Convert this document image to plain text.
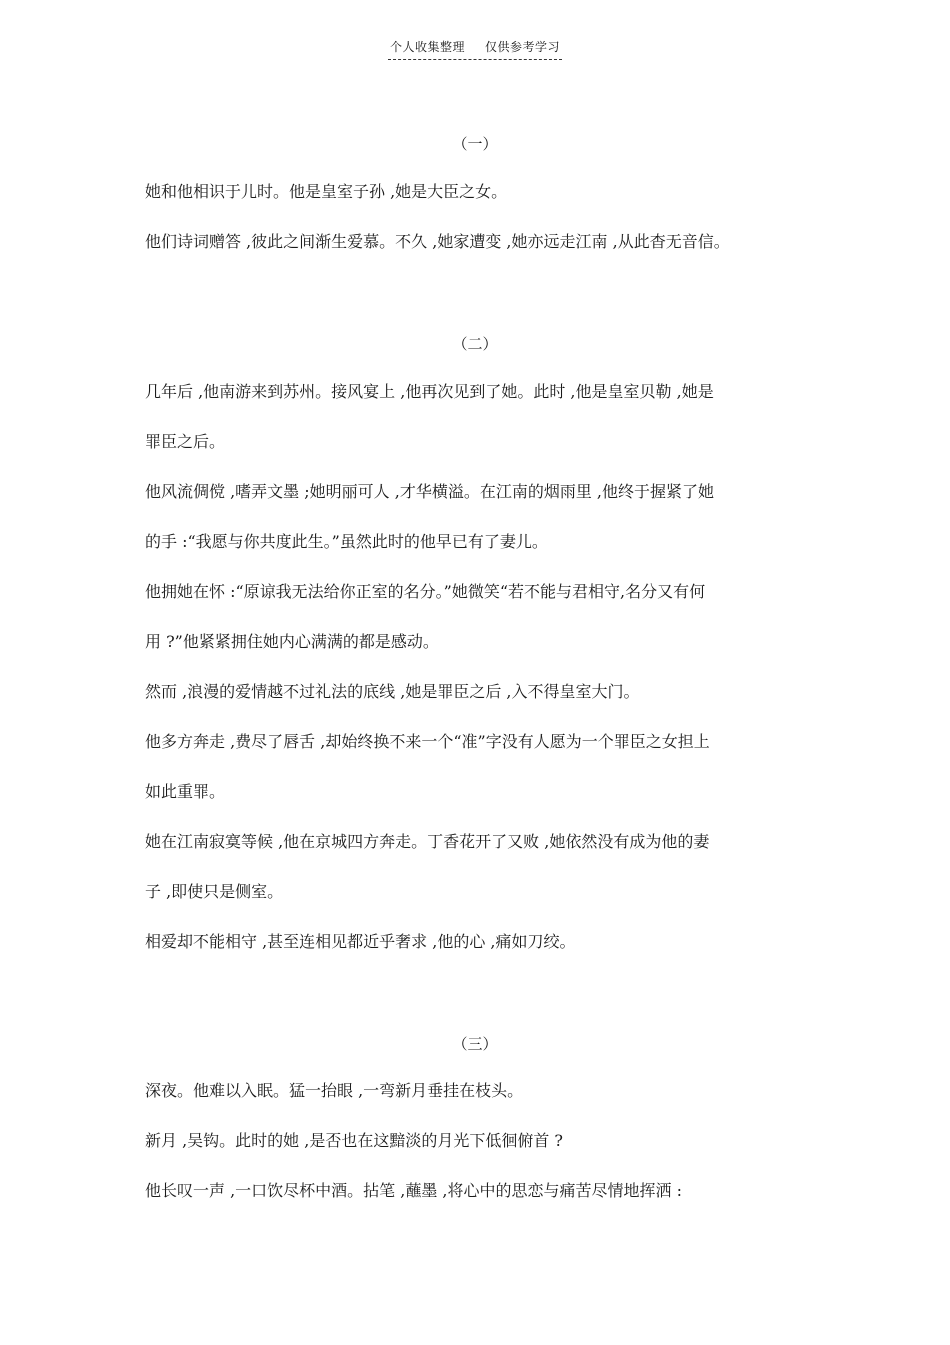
个人收集整理 仅供参考学习
（一）
她和他相识于儿时。他是皇室子孙 ,她是大臣之女。
他们诗词赠答 ,彼此之间渐生爱慕。不久 ,她家遭变 ,她亦远走江南 ,从此杳无音信。
（二）
几年后 ,他南游来到苏州。接风宴上 ,他再次见到了她。此时 ,他是皇室贝勒 ,她是
罪臣之后。
他风流倜傥 ,嗜弄文墨 ;她明丽可人 ,才华横溢。在江南的烟雨里 ,他终于握紧了她
的手 :“我愿与你共度此生。”虽然此时的他早已有了妻儿。
他拥她在怀 :“原谅我无法给你正室的名分。”她微笑“若不能与君相守,名分又有何
用 ?”他紧紧拥住她内心满满的都是感动。
然而 ,浪漫的爱情越不过礼法的底线 ,她是罪臣之后 ,入不得皇室大门。
他多方奔走 ,费尽了唇舌 ,却始终换不来一个“准”字没有人愿为一个罪臣之女担上
如此重罪。
她在江南寂寞等候 ,他在京城四方奔走。丁香花开了又败 ,她依然没有成为他的妻
子 ,即使只是侧室。
相爱却不能相守 ,甚至连相见都近乎奢求 ,他的心 ,痛如刀绞。
（三）
深夜。他难以入眠。猛一抬眼 ,一弯新月垂挂在枝头。
新月 ,吴钩。此时的她 ,是否也在这黯淡的月光下低徊俯首 ?
他长叹一声 ,一口饮尽杯中酒。拈笔 ,蘸墨 ,将心中的思恋与痛苦尽情地挥洒 :
